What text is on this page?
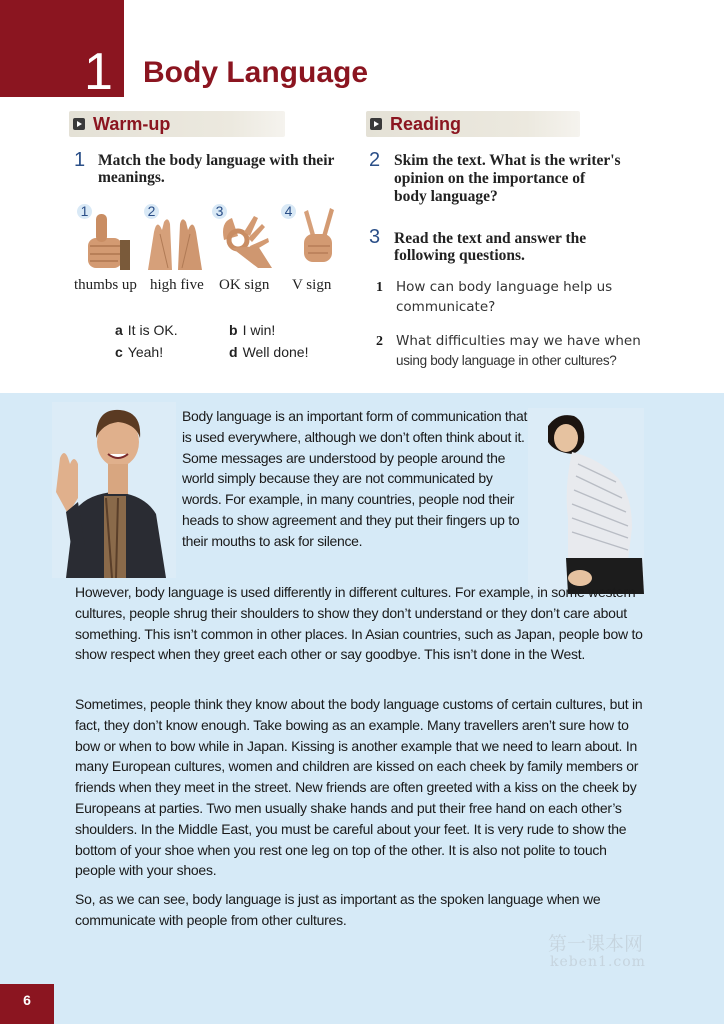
1 Body Language
Warm-up	Reading
1 Match the body language with their
meanings.
1	2	3	4
thumbs up high five OK sign V sign
a It is OK.	b I win!
c Yeah!	d Well done!
2 Skim the text. What is the writer's
opinion on the importance of
body language?
3 Read the text and answer the
following questions.
1 How can body language help us
communicate?
2 What difficulties may we have when
using body language in other cultures?
Body language is an important form of communication that is used everywhere, although we don’t often think about it. Some messages are understood by people around the world simply because they are not communicated by words. For example, in many countries, people nod their heads to show agreement and they put their fingers up to their mouths to ask for silence.
However, body language is used differently in different cultures. For example, in some western cultures, people shrug their shoulders to show they don’t understand or they don’t care about something. This isn’t common in other places. In Asian countries, such as Japan, people bow to show respect when they greet each other or say goodbye. This isn’t done in the West.
Sometimes, people think they know about the body language customs of certain cultures, but in fact, they don’t know enough. Take bowing as an example. Many travellers aren’t sure how to bow or when to bow while in Japan. Kissing is another example that we need to learn about. In many European cultures, women and children are kissed on each cheek by family members or friends when they meet in the street. New friends are often greeted with a kiss on the cheek by Europeans at parties. Two men usually shake hands and put their free hand on each other’s shoulders. In the Middle East, you must be careful about your feet. It is very rude to show the bottom of your shoe when you rest one leg on top of the other. It is also not polite to touch people with your shoes.
So, as we can see, body language is just as important as the spoken language when we communicate with people from other cultures.
第一课本网
keben1.com
6
